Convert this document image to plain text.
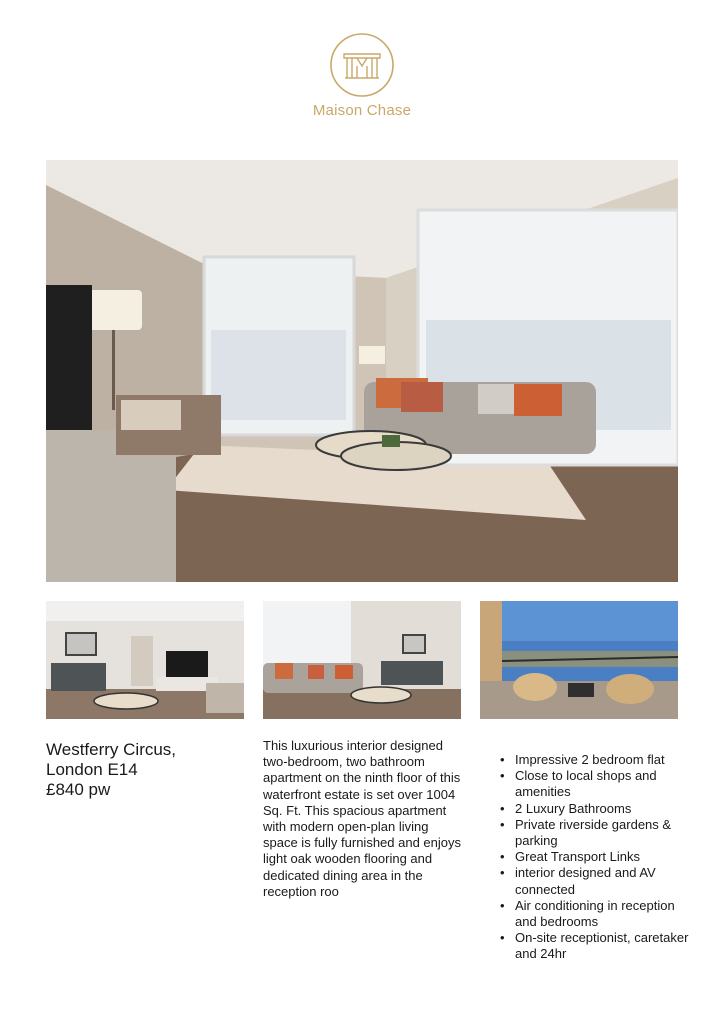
Maison Chase
Westferry Circus,
London E14
£840 pw
This luxurious interior designed two-bedroom, two bathroom apartment on the ninth floor of this waterfront estate is set over 1004 Sq. Ft. This spacious apartment with modern open-plan living space is fully furnished and enjoys light oak wooden flooring and dedicated dining area in the reception roo
• Impressive 2 bedroom flat
• Close to local shops and amenities
• 2 Luxury Bathrooms
• Private riverside gardens & parking
• Great Transport Links
• interior designed and AV connected
• Air conditioning in reception and bedrooms
• On-site receptionist, caretaker and 24hr
